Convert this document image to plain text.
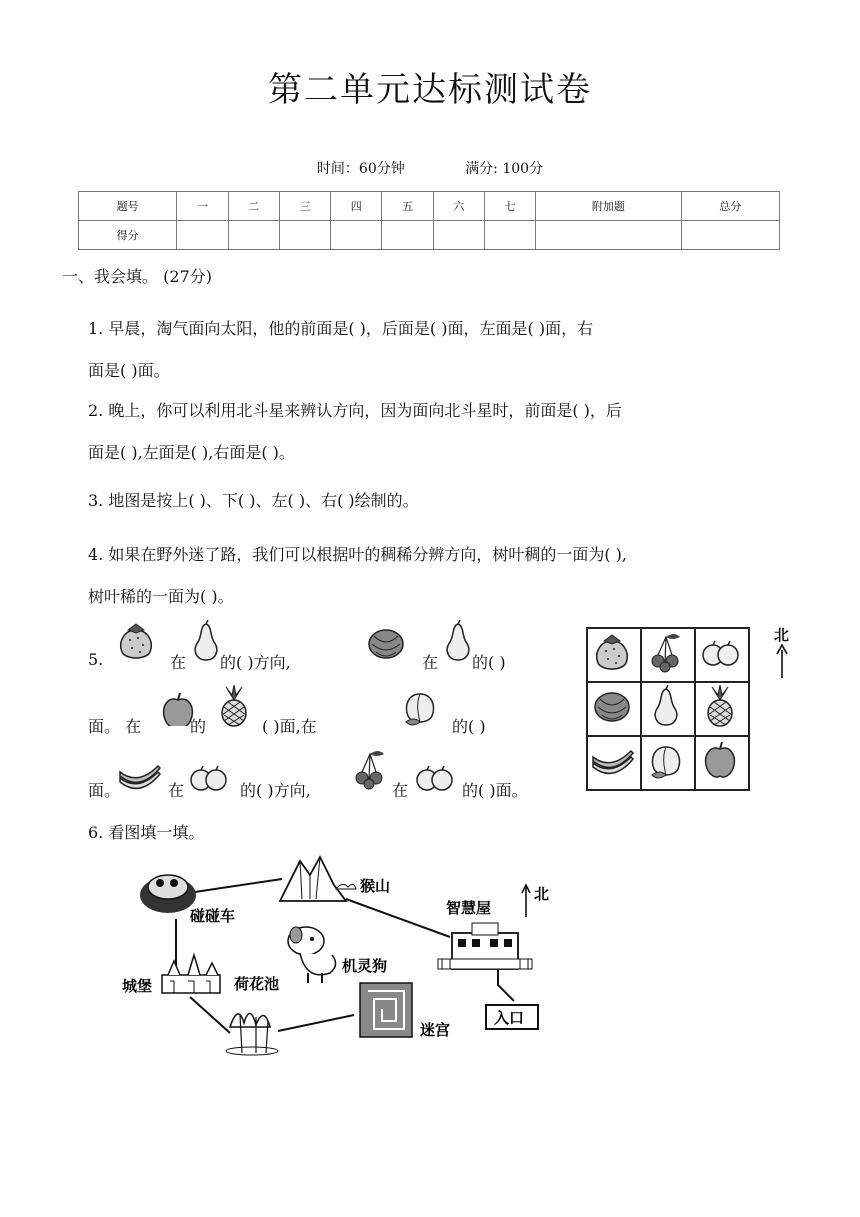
第二单元达标测试卷
时间：60分钟	满分: 100分
题号	一	二	三	四	五	六	七	附加题	总分
得分									
一、我会填。 (27分)
1. 早晨，淘气面向太阳，他的前面是( )，后面是( )面，左面是( )面，右
面是( )面。
2. 晚上，你可以利用北斗星来辨认方向，因为面向北斗星时，前面是( )，后
面是( ),左面是( ),右面是( )。
3. 地图是按上( )、下( )、左( )、右( )绘制的。
4. 如果在野外迷了路，我们可以根据叶的稠稀分辨方向，树叶稠的一面为( ),
树叶稀的一面为( )。
5.	在 的( )方向,	在 的( )
面。 在	的	( )面,在	的( )
面。	在	的( )方向,	在	的( )面。

北
6. 看图填一填。
碰碰车
猴山	北
智慧屋
入口
机灵狗
城堡	荷花池
迷宫
